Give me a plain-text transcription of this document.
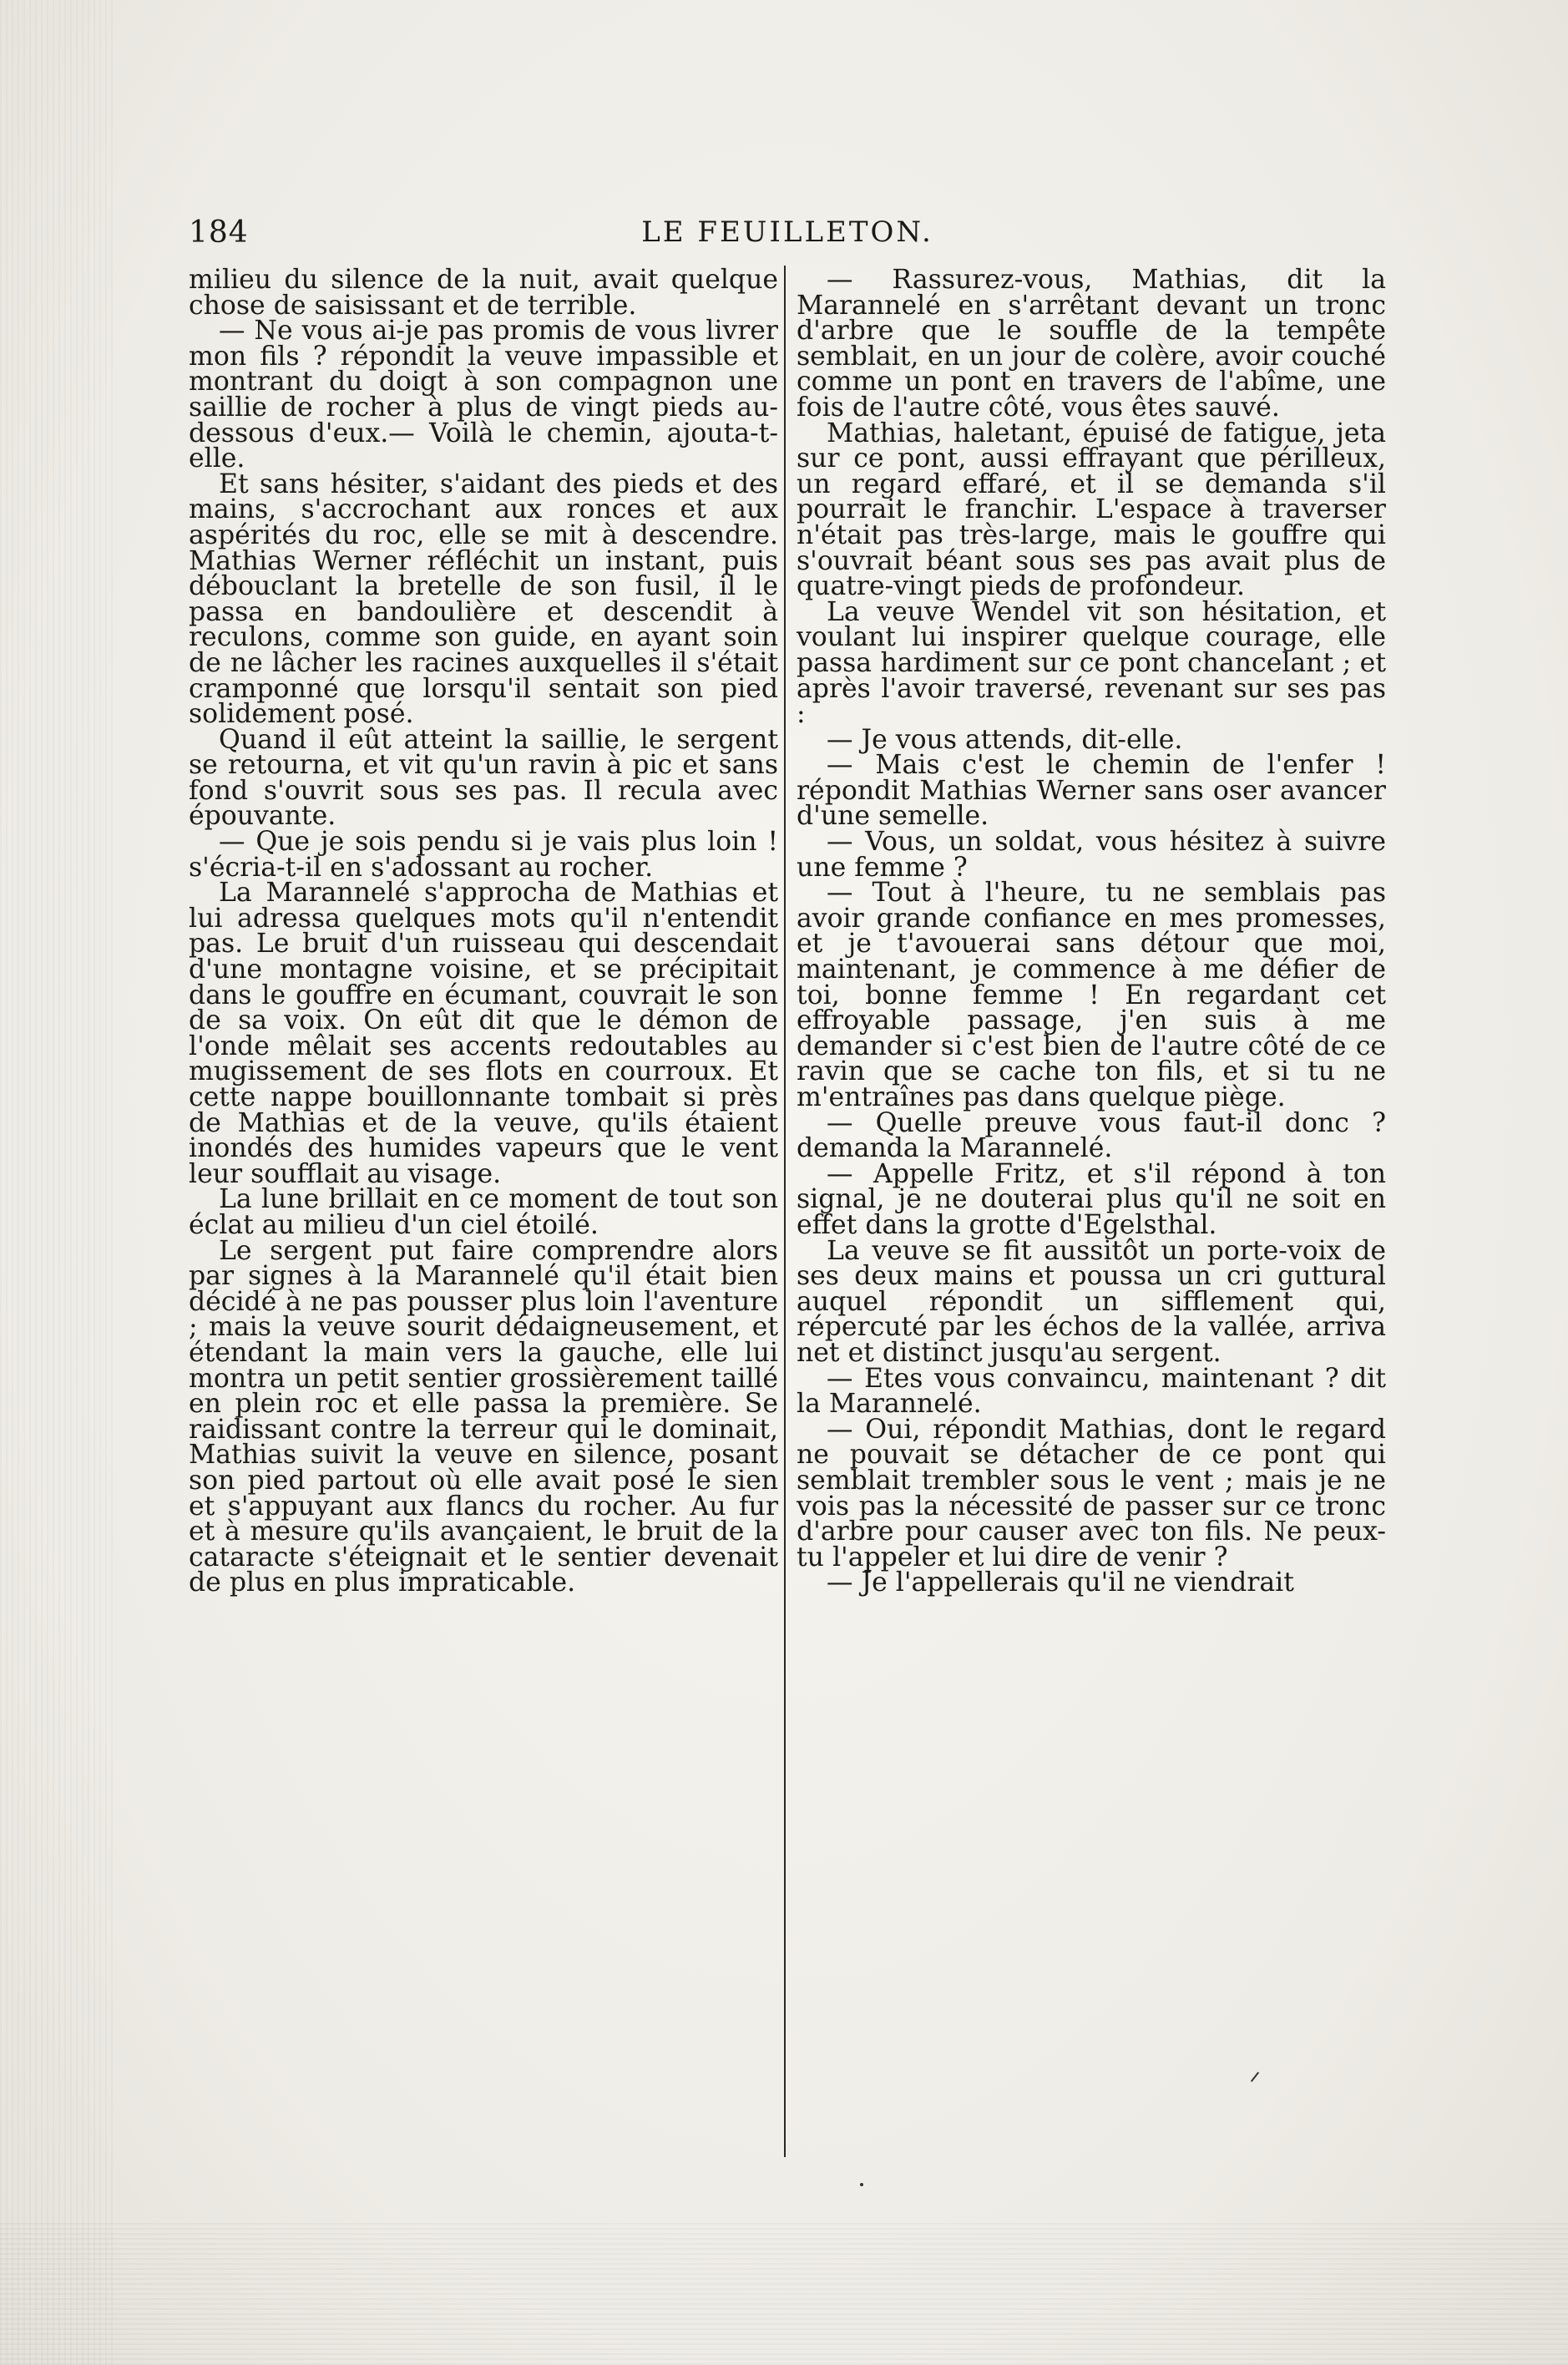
184	LE FEUILLETON.

milieu du silence de la nuit, avait quelque chose de saisissant et de terrible.

— Ne vous ai-je pas promis de vous livrer mon fils ? répondit la veuve impassible et montrant du doigt à son compagnon une saillie de rocher à plus de vingt pieds au-dessous d'eux.— Voilà le chemin, ajouta-t-elle.

Et sans hésiter, s'aidant des pieds et des mains, s'accrochant aux ronces et aux aspérités du roc, elle se mit à descendre. Mathias Werner réfléchit un instant, puis débouclant la bretelle de son fusil, il le passa en bandoulière et descendit à reculons, comme son guide, en ayant soin de ne lâcher les racines auxquelles il s'était cramponné que lorsqu'il sentait son pied solidement posé.

Quand il eût atteint la saillie, le sergent se retourna, et vit qu'un ravin à pic et sans fond s'ouvrit sous ses pas. Il recula avec épouvante.

— Que je sois pendu si je vais plus loin ! s'écria-t-il en s'adossant au rocher.

La Marannelé s'approcha de Mathias et lui adressa quelques mots qu'il n'entendit pas. Le bruit d'un ruisseau qui descendait d'une montagne voisine, et se précipitait dans le gouffre en écumant, couvrait le son de sa voix. On eût dit que le démon de l'onde mêlait ses accents redoutables au mugissement de ses flots en courroux. Et cette nappe bouillonnante tombait si près de Mathias et de la veuve, qu'ils étaient inondés des humides vapeurs que le vent leur soufflait au visage.

La lune brillait en ce moment de tout son éclat au milieu d'un ciel étoilé.

Le sergent put faire comprendre alors par signes à la Marannelé qu'il était bien décidé à ne pas pousser plus loin l'aventure ; mais la veuve sourit dédaigneusement, et étendant la main vers la gauche, elle lui montra un petit sentier grossièrement taillé en plein roc et elle passa la première. Se raidissant contre la terreur qui le dominait, Mathias suivit la veuve en silence, posant son pied partout où elle avait posé le sien et s'appuyant aux flancs du rocher. Au fur et à mesure qu'ils avançaient, le bruit de la cataracte s'éteignait et le sentier devenait de plus en plus impraticable.

— Rassurez-vous, Mathias, dit la Marannelé en s'arrêtant devant un tronc d'arbre que le souffle de la tempête semblait, en un jour de colère, avoir couché comme un pont en travers de l'abîme, une fois de l'autre côté, vous êtes sauvé.

Mathias, haletant, épuisé de fatigue, jeta sur ce pont, aussi effrayant que périlleux, un regard effaré, et il se demanda s'il pourrait le franchir. L'espace à traverser n'était pas très-large, mais le gouffre qui s'ouvrait béant sous ses pas avait plus de quatre-vingt pieds de profondeur.

La veuve Wendel vit son hésitation, et voulant lui inspirer quelque courage, elle passa hardiment sur ce pont chancelant ; et après l'avoir traversé, revenant sur ses pas :

— Je vous attends, dit-elle.

— Mais c'est le chemin de l'enfer ! répondit Mathias Werner sans oser avancer d'une semelle.

— Vous, un soldat, vous hésitez à suivre une femme ?

— Tout à l'heure, tu ne semblais pas avoir grande confiance en mes promesses, et je t'avouerai sans détour que moi, maintenant, je commence à me défier de toi, bonne femme ! En regardant cet effroyable passage, j'en suis à me demander si c'est bien de l'autre côté de ce ravin que se cache ton fils, et si tu ne m'entraînes pas dans quelque piège.

— Quelle preuve vous faut-il donc ? demanda la Marannelé.

— Appelle Fritz, et s'il répond à ton signal, je ne douterai plus qu'il ne soit en effet dans la grotte d'Egelsthal.

La veuve se fit aussitôt un porte-voix de ses deux mains et poussa un cri guttural auquel répondit un sifflement qui, répercuté par les échos de la vallée, arriva net et distinct jusqu'au sergent.

— Etes vous convaincu, maintenant ? dit la Marannelé.

— Oui, répondit Mathias, dont le regard ne pouvait se détacher de ce pont qui semblait trembler sous le vent ; mais je ne vois pas la nécessité de passer sur ce tronc d'arbre pour causer avec ton fils. Ne peux-tu l'appeler et lui dire de venir ?

— Je l'appellerais qu'il ne viendrait
